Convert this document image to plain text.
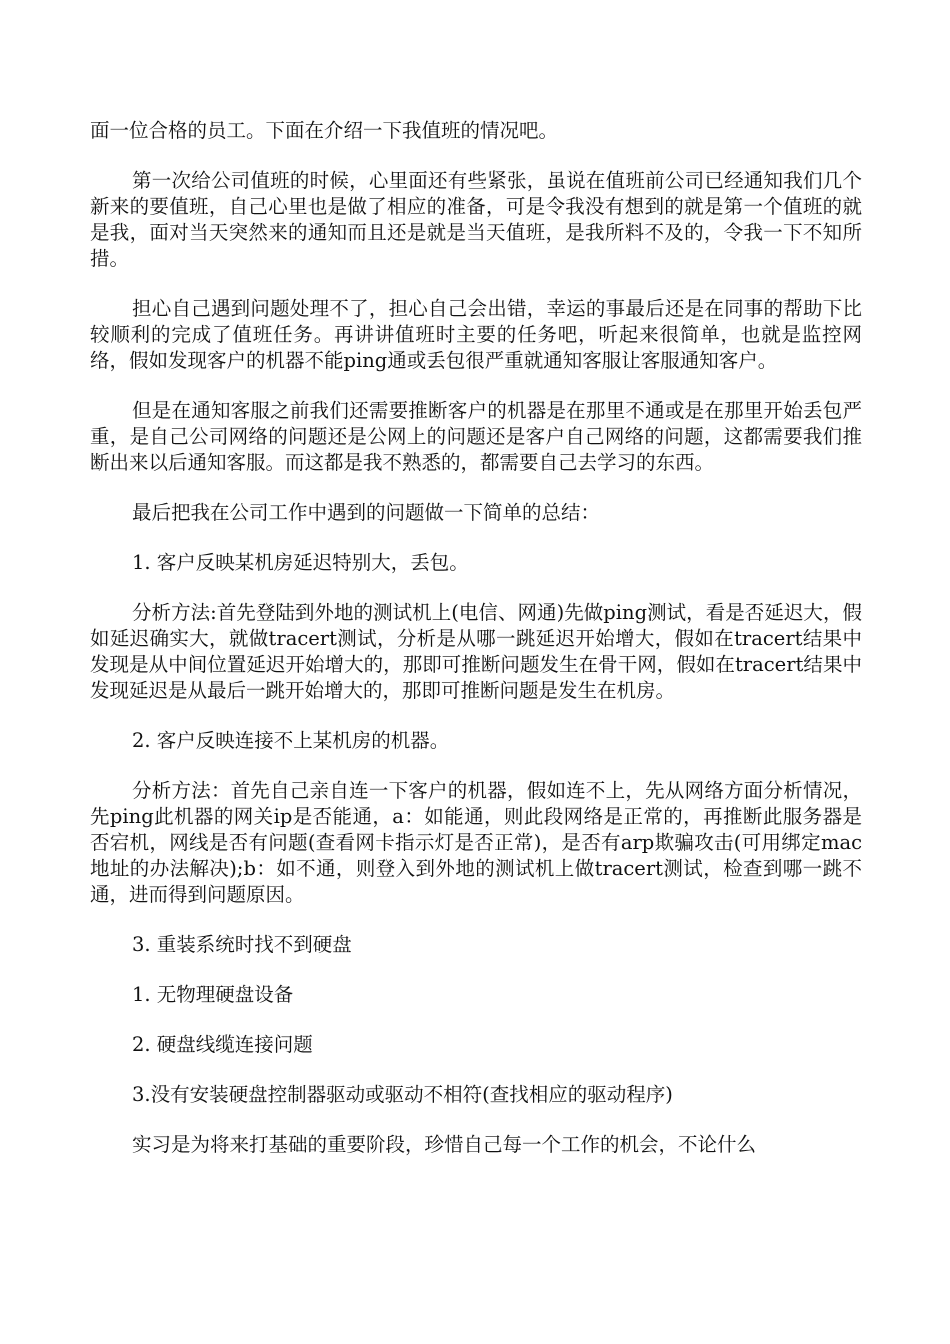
面一位合格的员工。下面在介绍一下我值班的情况吧。

第一次给公司值班的时候，心里面还有些紧张，虽说在值班前公司已经通知我们几个新来的要值班，自己心里也是做了相应的准备，可是令我没有想到的就是第一个值班的就是我，面对当天突然来的通知而且还是就是当天值班，是我所料不及的，令我一下不知所措。

担心自己遇到问题处理不了，担心自己会出错，幸运的事最后还是在同事的帮助下比较顺利的完成了值班任务。再讲讲值班时主要的任务吧，听起来很简单，也就是监控网络，假如发现客户的机器不能ping通或丢包很严重就通知客服让客服通知客户。

但是在通知客服之前我们还需要推断客户的机器是在那里不通或是在那里开始丢包严重，是自己公司网络的问题还是公网上的问题还是客户自己网络的问题，这都需要我们推断出来以后通知客服。而这都是我不熟悉的，都需要自己去学习的东西。

最后把我在公司工作中遇到的问题做一下简单的总结：

1. 客户反映某机房延迟特别大，丢包。

分析方法:首先登陆到外地的测试机上(电信、网通)先做ping测试，看是否延迟大，假如延迟确实大，就做tracert测试，分析是从哪一跳延迟开始增大，假如在tracert结果中发现是从中间位置延迟开始增大的，那即可推断问题发生在骨干网，假如在tracert结果中发现延迟是从最后一跳开始增大的，那即可推断问题是发生在机房。

2. 客户反映连接不上某机房的机器。

分析方法：首先自己亲自连一下客户的机器，假如连不上，先从网络方面分析情况，先ping此机器的网关ip是否能通，a：如能通，则此段网络是正常的，再推断此服务器是否宕机，网线是否有问题(查看网卡指示灯是否正常)，是否有arp欺骗攻击(可用绑定mac地址的办法解决);b：如不通，则登入到外地的测试机上做tracert测试，检查到哪一跳不通，进而得到问题原因。

3. 重装系统时找不到硬盘

1. 无物理硬盘设备

2. 硬盘线缆连接问题

3.没有安装硬盘控制器驱动或驱动不相符(查找相应的驱动程序)

实习是为将来打基础的重要阶段，珍惜自己每一个工作的机会，不论什么
